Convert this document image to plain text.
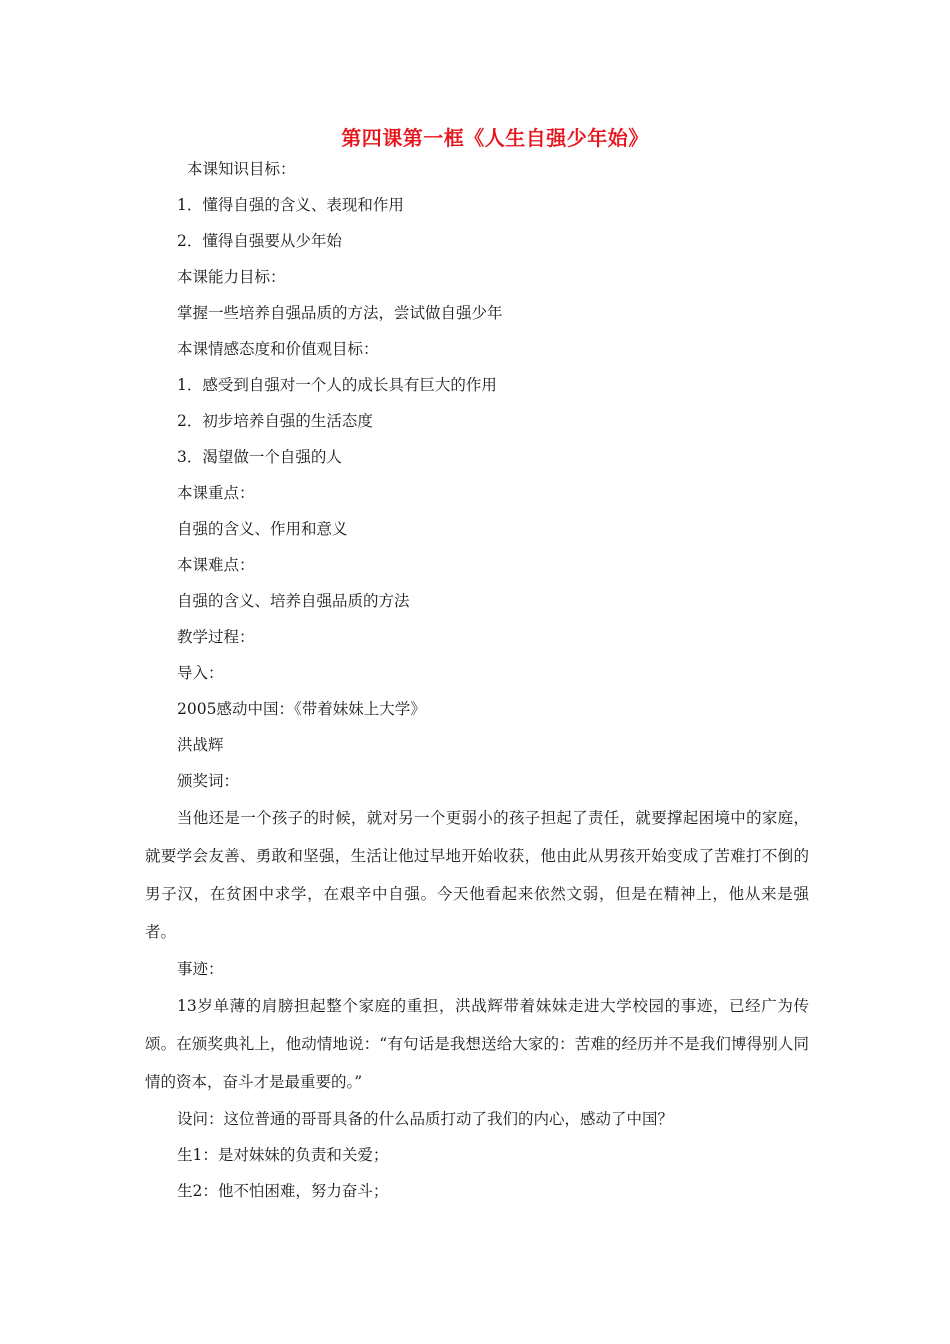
第四课第一框《人生自强少年始》
本课知识目标：
1．懂得自强的含义、表现和作用
2．懂得自强要从少年始
本课能力目标：
掌握一些培养自强品质的方法，尝试做自强少年
本课情感态度和价值观目标：
1．感受到自强对一个人的成长具有巨大的作用
2．初步培养自强的生活态度
3．渴望做一个自强的人
本课重点：
自强的含义、作用和意义
本课难点：
自强的含义、培养自强品质的方法
教学过程：
导入：
2005感动中国：《带着妹妹上大学》
洪战辉
颁奖词：

当他还是一个孩子的时候，就对另一个更弱小的孩子担起了责任，就要撑起困境中的家庭，就要学会友善、勇敢和坚强，生活让他过早地开始收获，他由此从男孩开始变成了苦难打不倒的男子汉，在贫困中求学，在艰辛中自强。今天他看起来依然文弱，但是在精神上，他从来是强者。

事迹：

13岁单薄的肩膀担起整个家庭的重担，洪战辉带着妹妹走进大学校园的事迹，已经广为传颂。在颁奖典礼上，他动情地说：“有句话是我想送给大家的：苦难的经历并不是我们博得别人同情的资本，奋斗才是最重要的。”

设问：这位普通的哥哥具备的什么品质打动了我们的内心，感动了中国？
生1：是对妹妹的负责和关爱；
生2：他不怕困难，努力奋斗；
